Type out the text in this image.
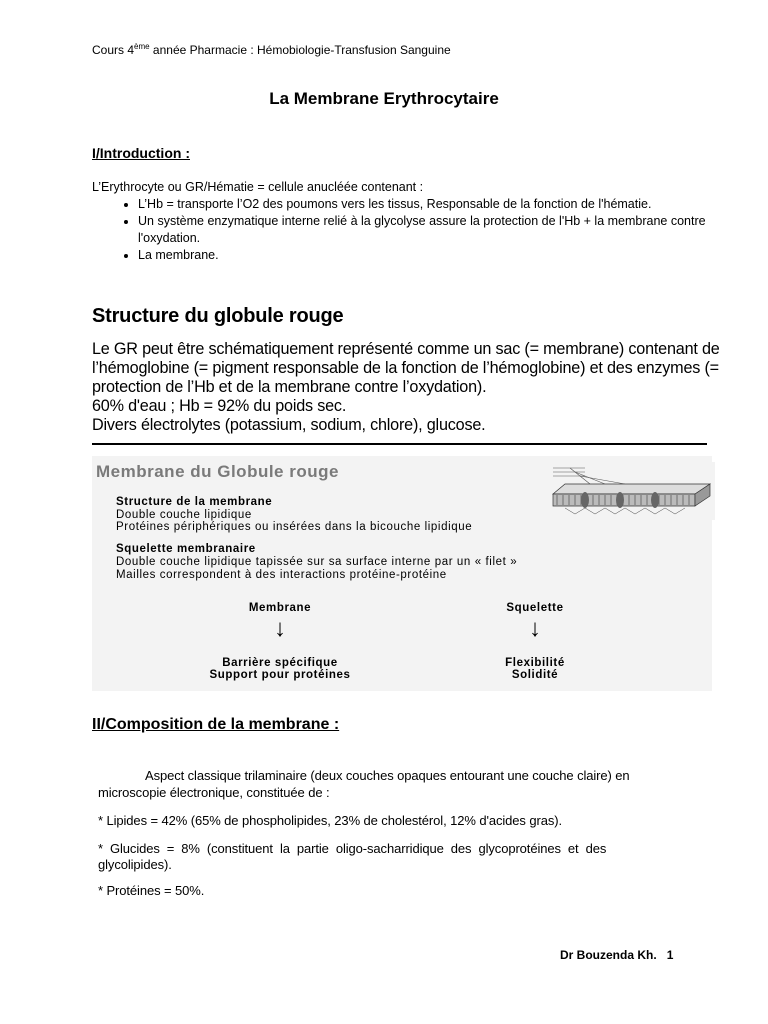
Cours 4ème année Pharmacie : Hémobiologie-Transfusion Sanguine
La Membrane Erythrocytaire
I/Introduction :
L’Erythrocyte ou GR/Hématie = cellule anucléée contenant :
• L’Hb = transporte l’O2 des poumons vers les tissus, Responsable de la fonction de l'hématie.
• Un système enzymatique interne relié à la glycolyse assure la protection de l'Hb + la membrane contre l'oxydation.
• La membrane.
Structure du globule rouge
Le GR peut être schématiquement représenté comme un sac (= membrane) contenant de
l’hémoglobine (= pigment responsable de la fonction de l’hémoglobine) et des enzymes (=
protection de l’Hb et de la membrane contre l’oxydation).
60% d'eau ; Hb = 92% du poids sec.
Divers électrolytes (potassium, sodium, chlore), glucose.
Membrane du Globule rouge
Structure de la membrane
Double couche lipidique
Protéines périphériques ou insérées dans la bicouche lipidique
Squelette membranaire
Double couche lipidique tapissée sur sa surface interne par un « filet »
Mailles correspondent à des interactions protéine-protéine
Membrane
↓
Barrière spécifique
Support pour protéines
Squelette
↓
Flexibilité
Solidité
II/Composition de la membrane :
Aspect classique trilaminaire (deux couches opaques entourant une couche claire) en
microscopie électronique, constituée de :
* Lipides = 42% (65% de phospholipides, 23% de cholestérol, 12% d'acides gras).
*  Glucides  =  8%  (constituent  la  partie  oligo-sacharridique  des  glycoprotéines  et  des
glycolipides).
* Protéines = 50%.
Dr Bouzenda Kh. 1
